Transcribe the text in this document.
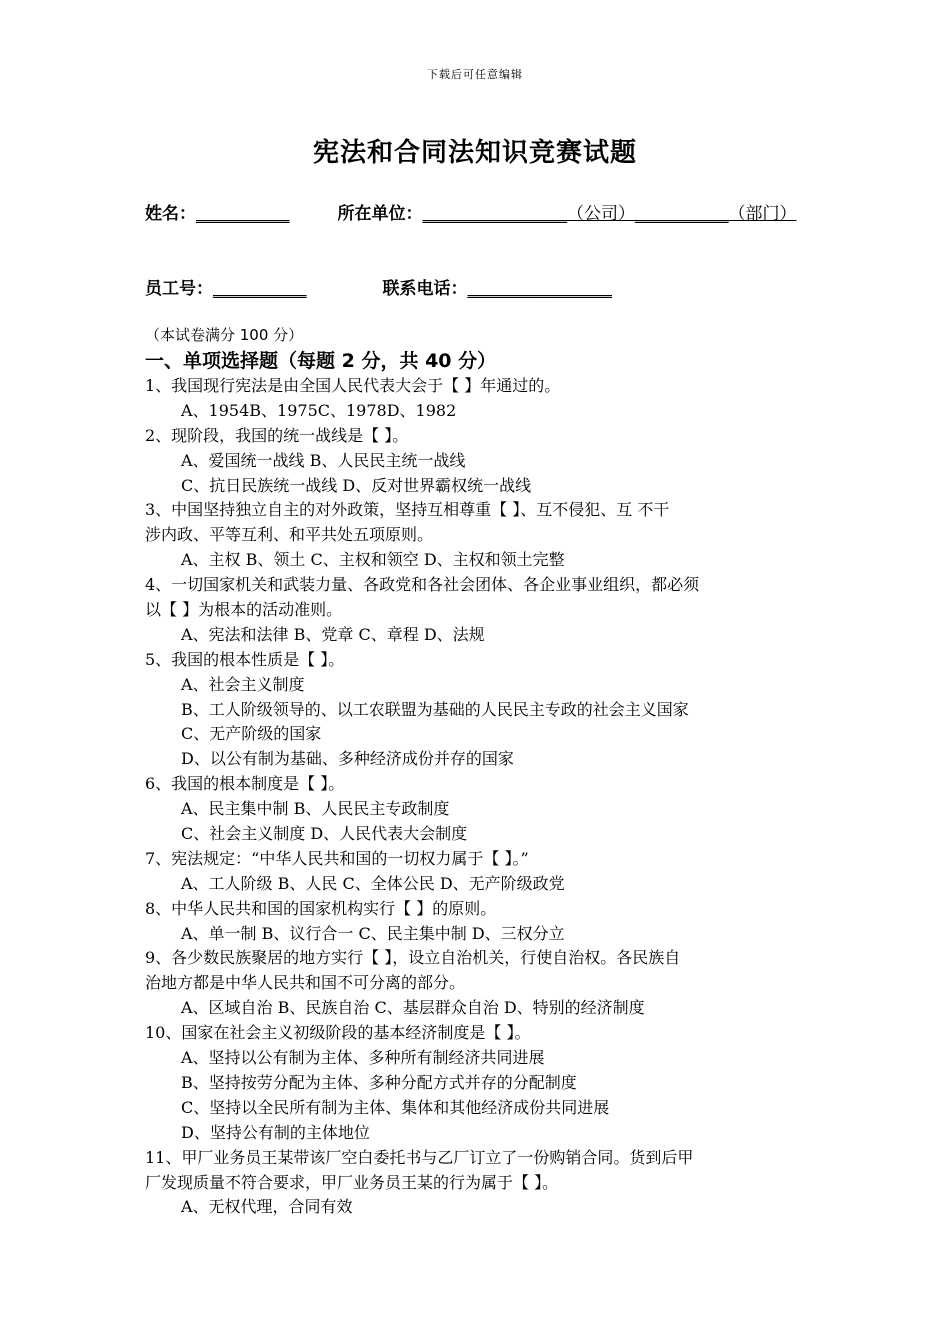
下载后可任意编辑
宪法和合同法知识竞赛试题
姓名：___________	所在单位：_________________（公司）___________（部门）
员工号：___________	联系电话：_________________
（本试卷满分 100 分）
一、单项选择题（每题 2 分，共 40 分）
1、我国现行宪法是由全国人民代表大会于【 】年通过的。
A、1954B、1975C、1978D、1982
2、现阶段，我国的统一战线是【 】。
A、爱国统一战线 B、人民民主统一战线
C、抗日民族统一战线 D、反对世界霸权统一战线
3、中国坚持独立自主的对外政策，坚持互相尊重【 】、互不侵犯、互 不干
涉内政、平等互利、和平共处五项原则。
A、主权 B、领土 C、主权和领空 D、主权和领土完整
4、一切国家机关和武装力量、各政党和各社会团体、各企业事业组织，都必须
以【 】为根本的活动准则。
A、宪法和法律 B、党章 C、章程 D、法规
5、我国的根本性质是【 】。
A、社会主义制度
B、工人阶级领导的、以工农联盟为基础的人民民主专政的社会主义国家
C、无产阶级的国家
D、以公有制为基础、多种经济成份并存的国家
6、我国的根本制度是【 】。
A、民主集中制 B、人民民主专政制度
C、社会主义制度 D、人民代表大会制度
7、宪法规定：“中华人民共和国的一切权力属于【 】。”
A、工人阶级 B、人民 C、全体公民 D、无产阶级政党
8、中华人民共和国的国家机构实行【 】的原则。
A、单一制 B、议行合一 C、民主集中制 D、三权分立
9、各少数民族聚居的地方实行【 】，设立自治机关，行使自治权。各民族自
治地方都是中华人民共和国不可分离的部分。
A、区域自治 B、民族自治 C、基层群众自治 D、特别的经济制度
10、国家在社会主义初级阶段的基本经济制度是【 】。
A、坚持以公有制为主体、多种所有制经济共同进展
B、坚持按劳分配为主体、多种分配方式并存的分配制度
C、坚持以全民所有制为主体、集体和其他经济成份共同进展
D、坚持公有制的主体地位
11、甲厂业务员王某带该厂空白委托书与乙厂订立了一份购销合同。货到后甲
厂发现质量不符合要求，甲厂业务员王某的行为属于【 】。
A、无权代理，合同有效
